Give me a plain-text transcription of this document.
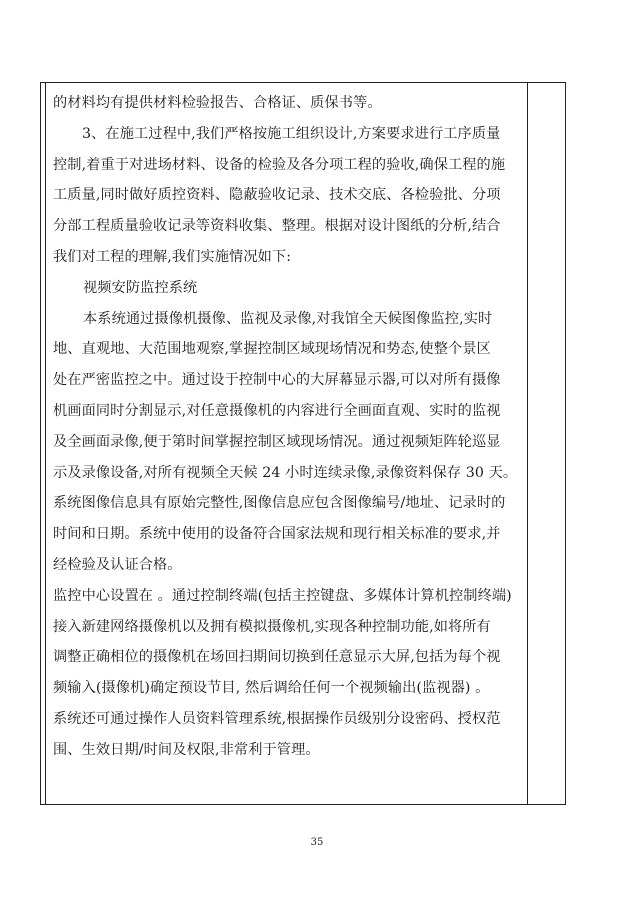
的材料均有提供材料检验报告、合格证、质保书等。
3、在施工过程中,我们严格按施工组织设计,方案要求进行工序质量
控制,着重于对进场材料、设备的检验及各分项工程的验收,确保工程的施
工质量,同时做好质控资料、隐蔽验收记录、技术交底、各检验批、分项
分部工程质量验收记录等资料收集、整理。根据对设计图纸的分析,结合
我们对工程的理解,我们实施情况如下:
视频安防监控系统
本系统通过摄像机摄像、监视及录像,对我馆全天候图像监控,实时
地、直观地、大范围地观察,掌握控制区域现场情况和势态,使整个景区
处在严密监控之中。通过设于控制中心的大屏幕显示器,可以对所有摄像
机画面同时分割显示,对任意摄像机的内容进行全画面直观、实时的监视
及全画面录像,便于第时间掌握控制区域现场情况。通过视频矩阵轮巡显
示及录像设备,对所有视频全天候 24 小时连续录像,录像资料保存 30 天。
系统图像信息具有原始完整性,图像信息应包含图像编号/地址、记录时的
时间和日期。系统中使用的设备符合国家法规和现行相关标准的要求,并
经检验及认证合格。
监控中心设置在 。通过控制终端(包括主控键盘、多媒体计算机控制终端)
接入新建网络摄像机以及拥有模拟摄像机,实现各种控制功能,如将所有
调整正确相位的摄像机在场回扫期间切换到任意显示大屏,包括为每个视
频输入(摄像机)确定预设节目, 然后调给任何一个视频输出(监视器) 。
系统还可通过操作人员资料管理系统,根据操作员级别分设密码、授权范
围、生效日期/时间及权限,非常利于管理。
35
